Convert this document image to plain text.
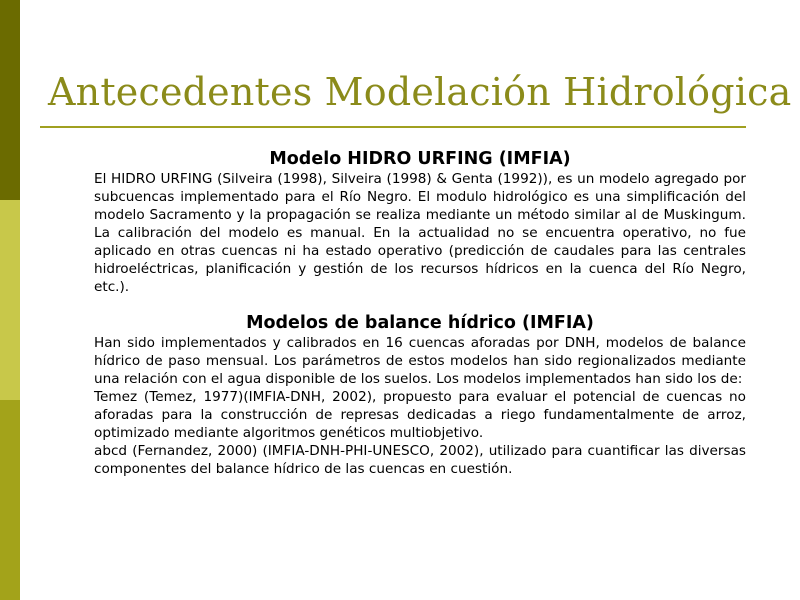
Antecedentes Modelación Hidrológica
Modelo HIDRO URFING (IMFIA)

El HIDRO URFING (Silveira (1998), Silveira (1998) & Genta (1992)), es un modelo agregado por subcuencas implementado para el Río Negro. El modulo hidrológico es una simplificación del modelo Sacramento y la propagación se realiza mediante un método similar al de Muskingum. La calibración del modelo es manual. En la actualidad no se encuentra operativo, no fue aplicado en otras cuencas ni ha estado operativo (predicción de caudales para las centrales hidroeléctricas, planificación y gestión de los recursos hídricos en la cuenca del Río Negro, etc.).

Modelos de balance hídrico (IMFIA)

Han sido implementados y calibrados en 16 cuencas aforadas por DNH, modelos de balance hídrico de paso mensual. Los parámetros de estos modelos han sido regionalizados mediante una relación con el agua disponible de los suelos. Los modelos implementados han sido los de:

Temez (Temez, 1977)(IMFIA-DNH, 2002), propuesto para evaluar el potencial de cuencas no aforadas para la construcción de represas dedicadas a riego fundamentalmente de arroz, optimizado mediante algoritmos genéticos multiobjetivo.

abcd (Fernandez, 2000) (IMFIA-DNH-PHI-UNESCO, 2002), utilizado para cuantificar las diversas componentes del balance hídrico de las cuencas en cuestión.
